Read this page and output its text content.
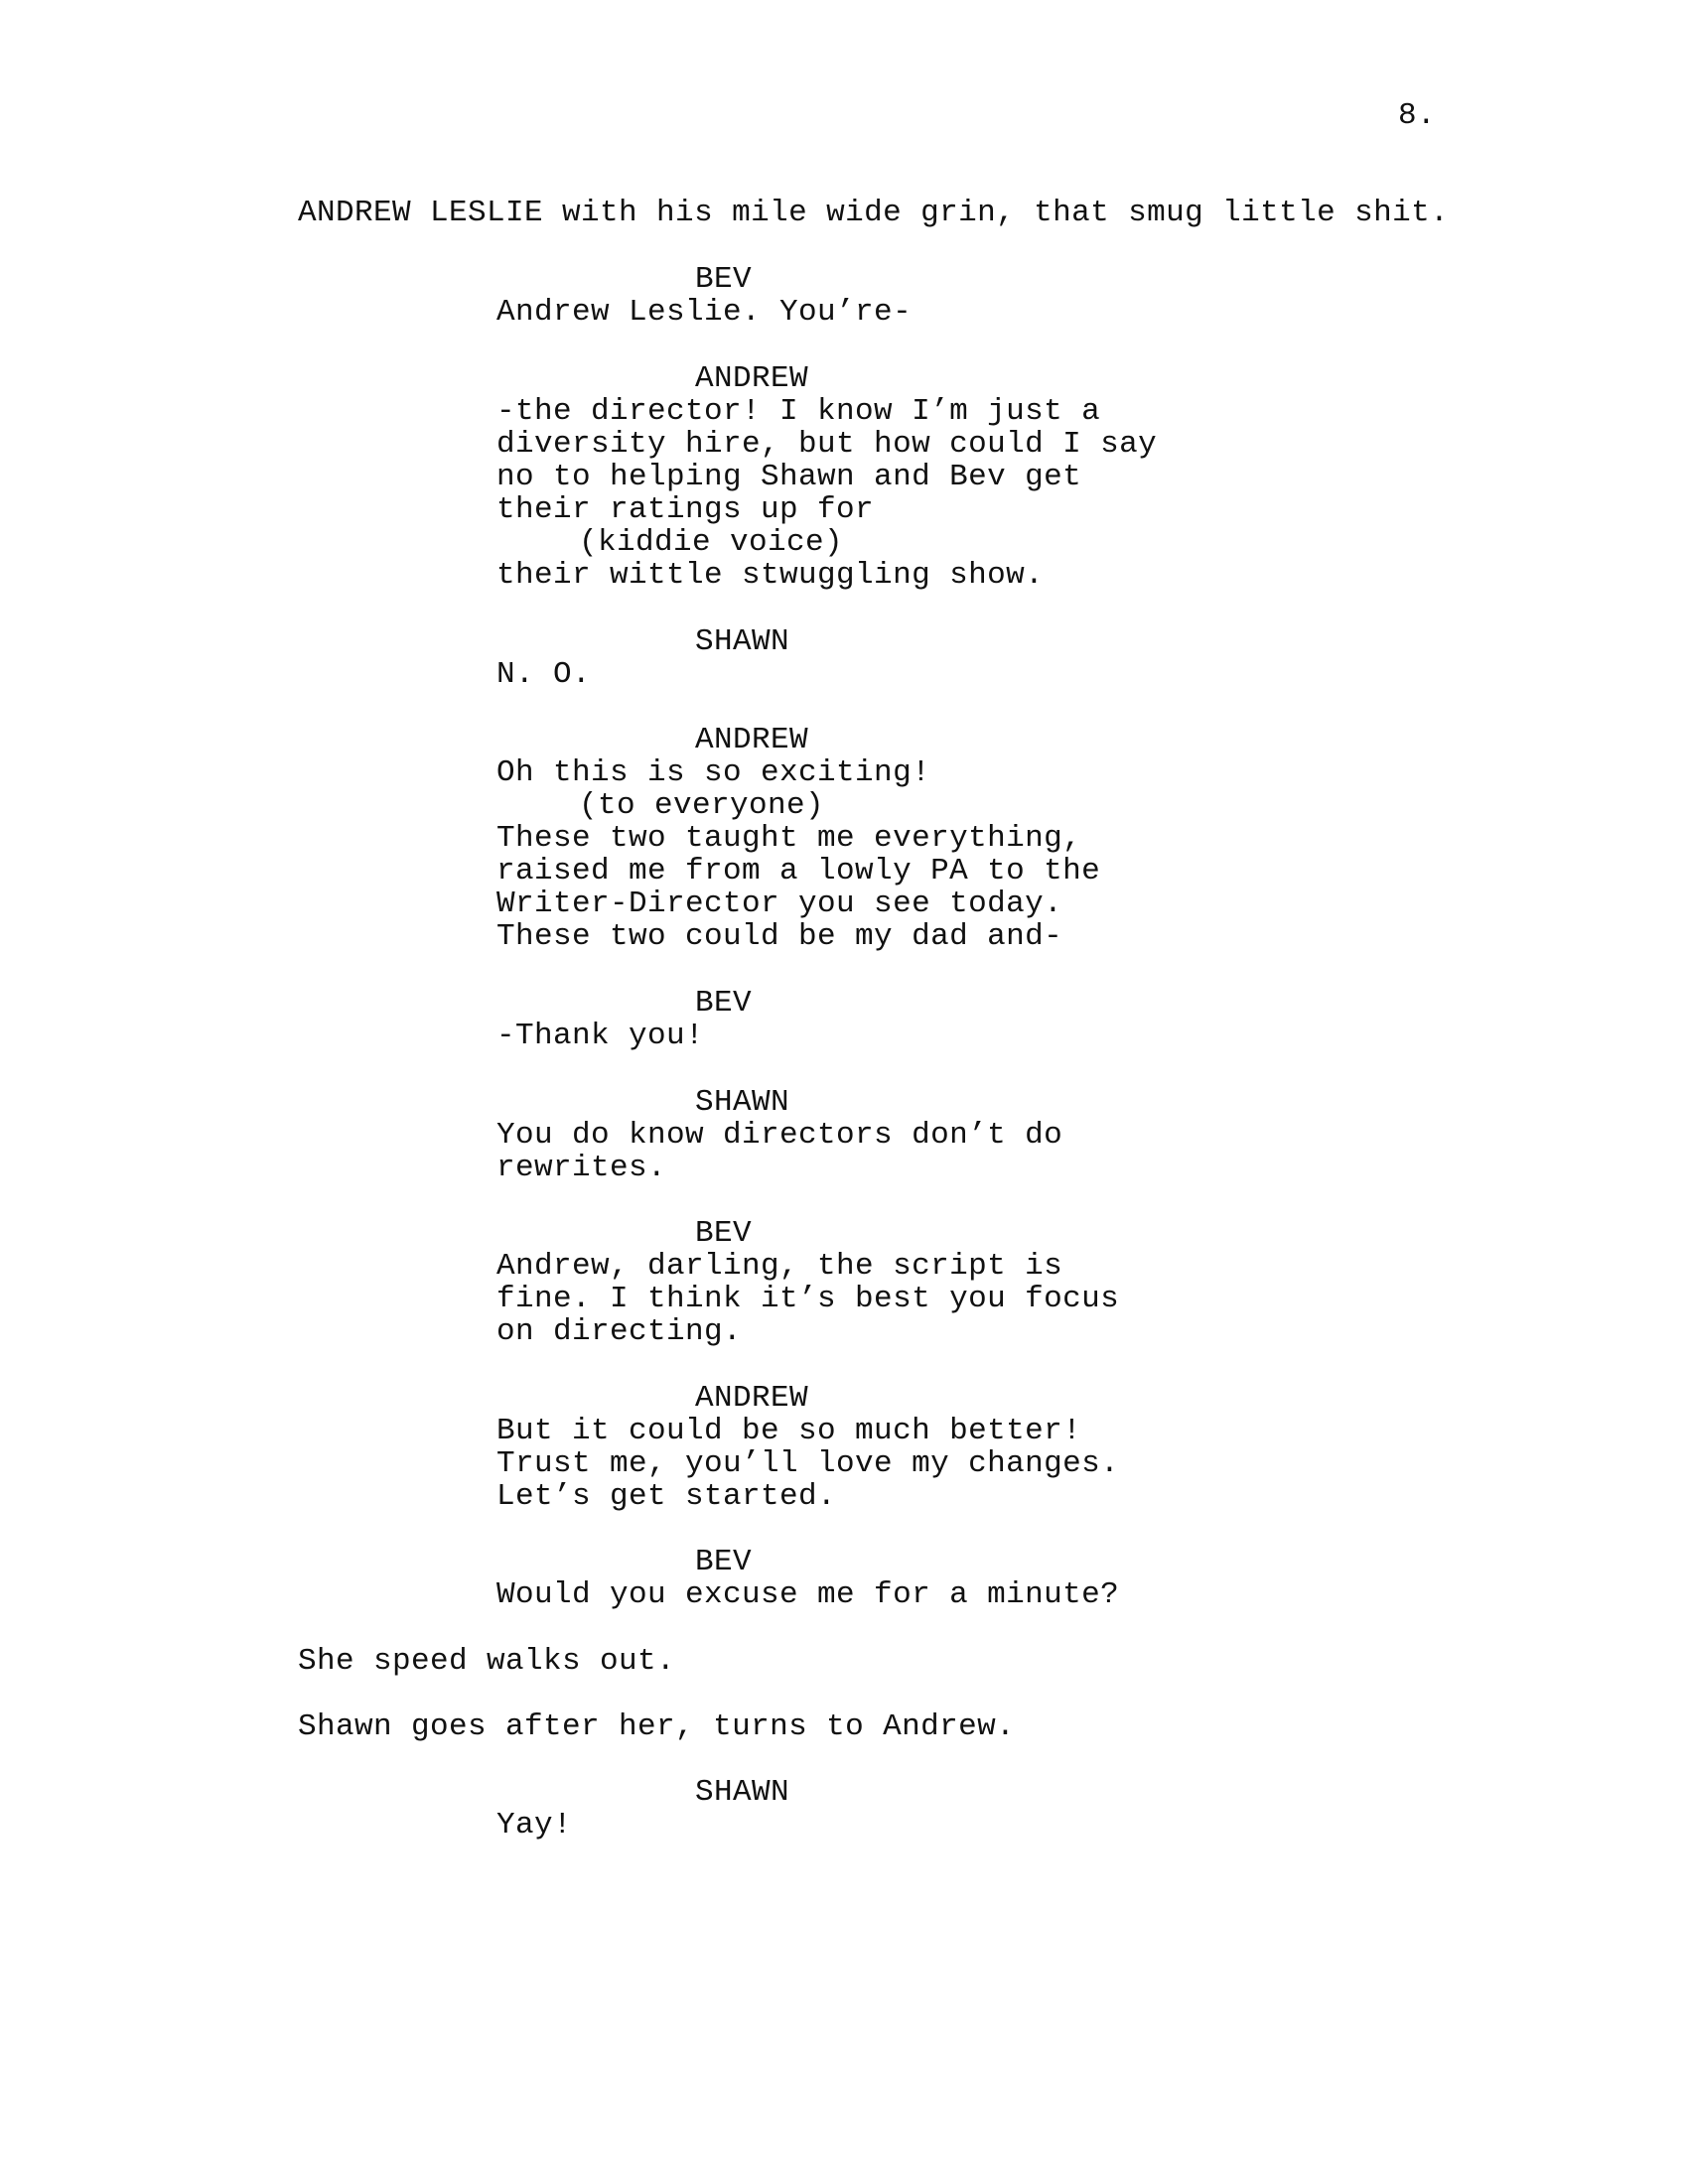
8.
ANDREW LESLIE with his mile wide grin, that smug little shit.
BEV
Andrew Leslie. You’re-
ANDREW
-the director! I know I’m just a
diversity hire, but how could I say
no to helping Shawn and Bev get
their ratings up for
(kiddie voice)
their wittle stwuggling show.
SHAWN
N. O.
ANDREW
Oh this is so exciting!
(to everyone)
These two taught me everything,
raised me from a lowly PA to the
Writer-Director you see today.
These two could be my dad and-
BEV
-Thank you!
SHAWN
You do know directors don’t do
rewrites.
BEV
Andrew, darling, the script is
fine. I think it’s best you focus
on directing.
ANDREW
But it could be so much better!
Trust me, you’ll love my changes.
Let’s get started.
BEV
Would you excuse me for a minute?
She speed walks out.
Shawn goes after her, turns to Andrew.
SHAWN
Yay!
